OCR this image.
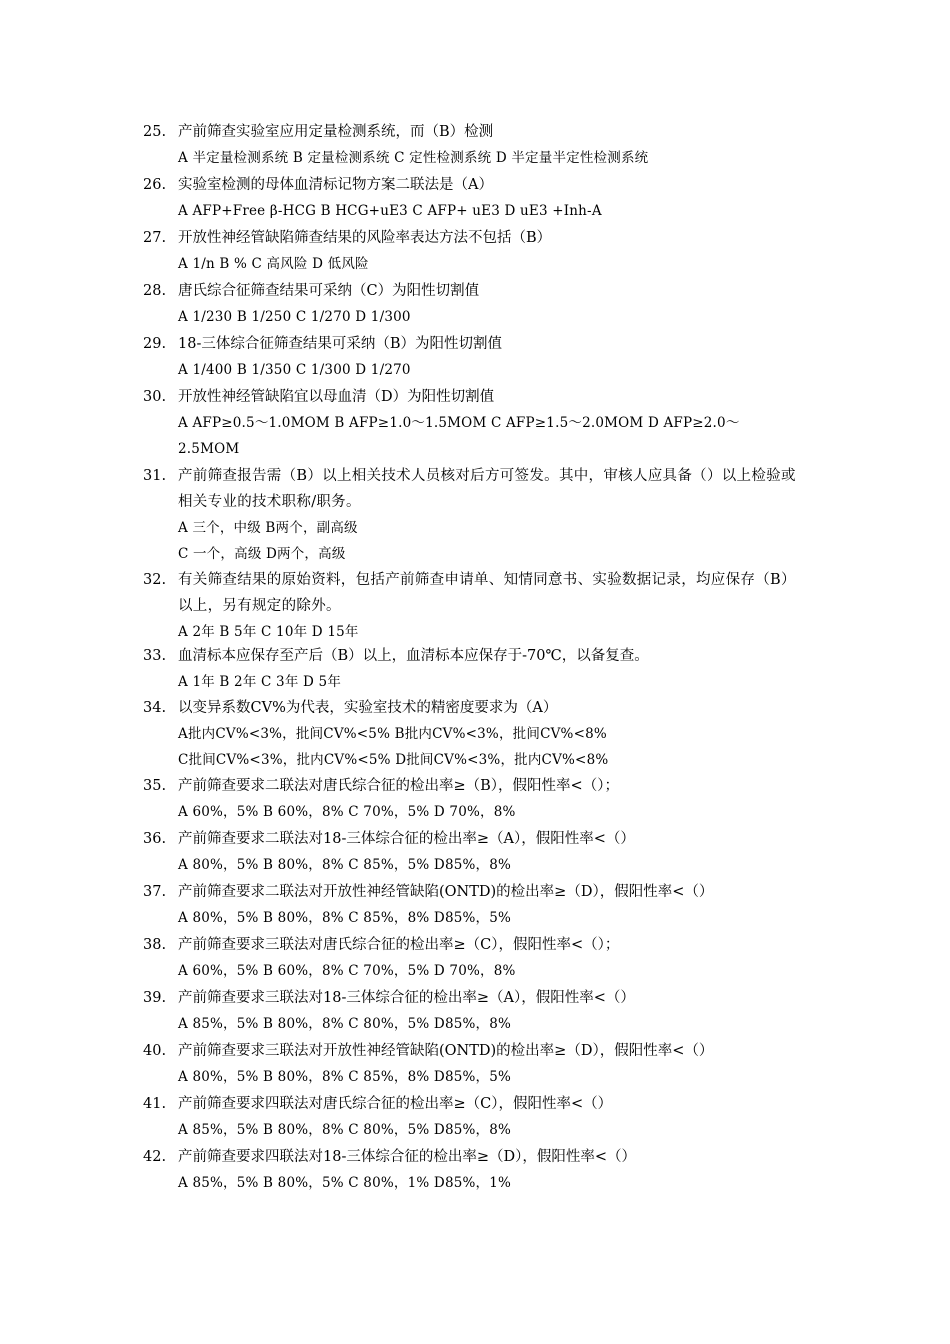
25. 产前筛查实验室应用定量检测系统，而（B）检测
A 半定量检测系统 B 定量检测系统 C 定性检测系统 D 半定量半定性检测系统
26. 实验室检测的母体血清标记物方案二联法是（A）
A AFP+Free β-HCG B HCG+uE3 C AFP+ uE3 D uE3 +Inh-A
27. 开放性神经管缺陷筛查结果的风险率表达方法不包括（B）
A 1/n B % C 高风险 D 低风险
28. 唐氏综合征筛查结果可采纳（C）为阳性切割值
A 1/230 B 1/250 C 1/270 D 1/300
29. 18-三体综合征筛查结果可采纳（B）为阳性切割值
A 1/400 B 1/350 C 1/300 D 1/270
30. 开放性神经管缺陷宜以母血清（D）为阳性切割值
A AFP≥0.5～1.0MOM B AFP≥1.0～1.5MOM C AFP≥1.5～2.0MOM D AFP≥2.0～
2.5MOM
31. 产前筛查报告需（B）以上相关技术人员核对后方可签发。其中，审核人应具备（）以上检验或相关专业的技术职称/职务。
A 三个，中级 B两个，副高级
C 一个，高级 D两个，高级
32. 有关筛查结果的原始资料，包括产前筛查申请单、知情同意书、实验数据记录，均应保存（B）以上，另有规定的除外。
A 2年 B 5年 C 10年 D 15年
33. 血清标本应保存至产后（B）以上，血清标本应保存于-70℃，以备复查。
A 1年 B 2年 C 3年 D 5年
34. 以变异系数CV%为代表，实验室技术的精密度要求为（A）
A批内CV%<3%，批间CV%<5% B批内CV%<3%，批间CV%<8%
C批间CV%<3%，批内CV%<5% D批间CV%<3%，批内CV%<8%
35. 产前筛查要求二联法对唐氏综合征的检出率≥（B），假阳性率<（）；
A 60%，5% B 60%，8% C 70%，5% D 70%，8%
36. 产前筛查要求二联法对18-三体综合征的检出率≥（A），假阳性率<（）
A 80%，5% B 80%，8% C 85%，5% D85%，8%
37. 产前筛查要求二联法对开放性神经管缺陷(ONTD)的检出率≥（D），假阳性率<（）
A 80%，5% B 80%，8% C 85%，8% D85%，5%
38. 产前筛查要求三联法对唐氏综合征的检出率≥（C），假阳性率<（）；
A 60%，5% B 60%，8% C 70%，5% D 70%，8%
39. 产前筛查要求三联法对18-三体综合征的检出率≥（A），假阳性率<（）
A 85%，5% B 80%，8% C 80%，5% D85%，8%
40. 产前筛查要求三联法对开放性神经管缺陷(ONTD)的检出率≥（D），假阳性率<（）
A 80%，5% B 80%，8% C 85%，8% D85%，5%
41. 产前筛查要求四联法对唐氏综合征的检出率≥（C），假阳性率<（）
A 85%，5% B 80%，8% C 80%，5% D85%，8%
42. 产前筛查要求四联法对18-三体综合征的检出率≥（D），假阳性率<（）
A 85%，5% B 80%，5% C 80%，1% D85%，1%
